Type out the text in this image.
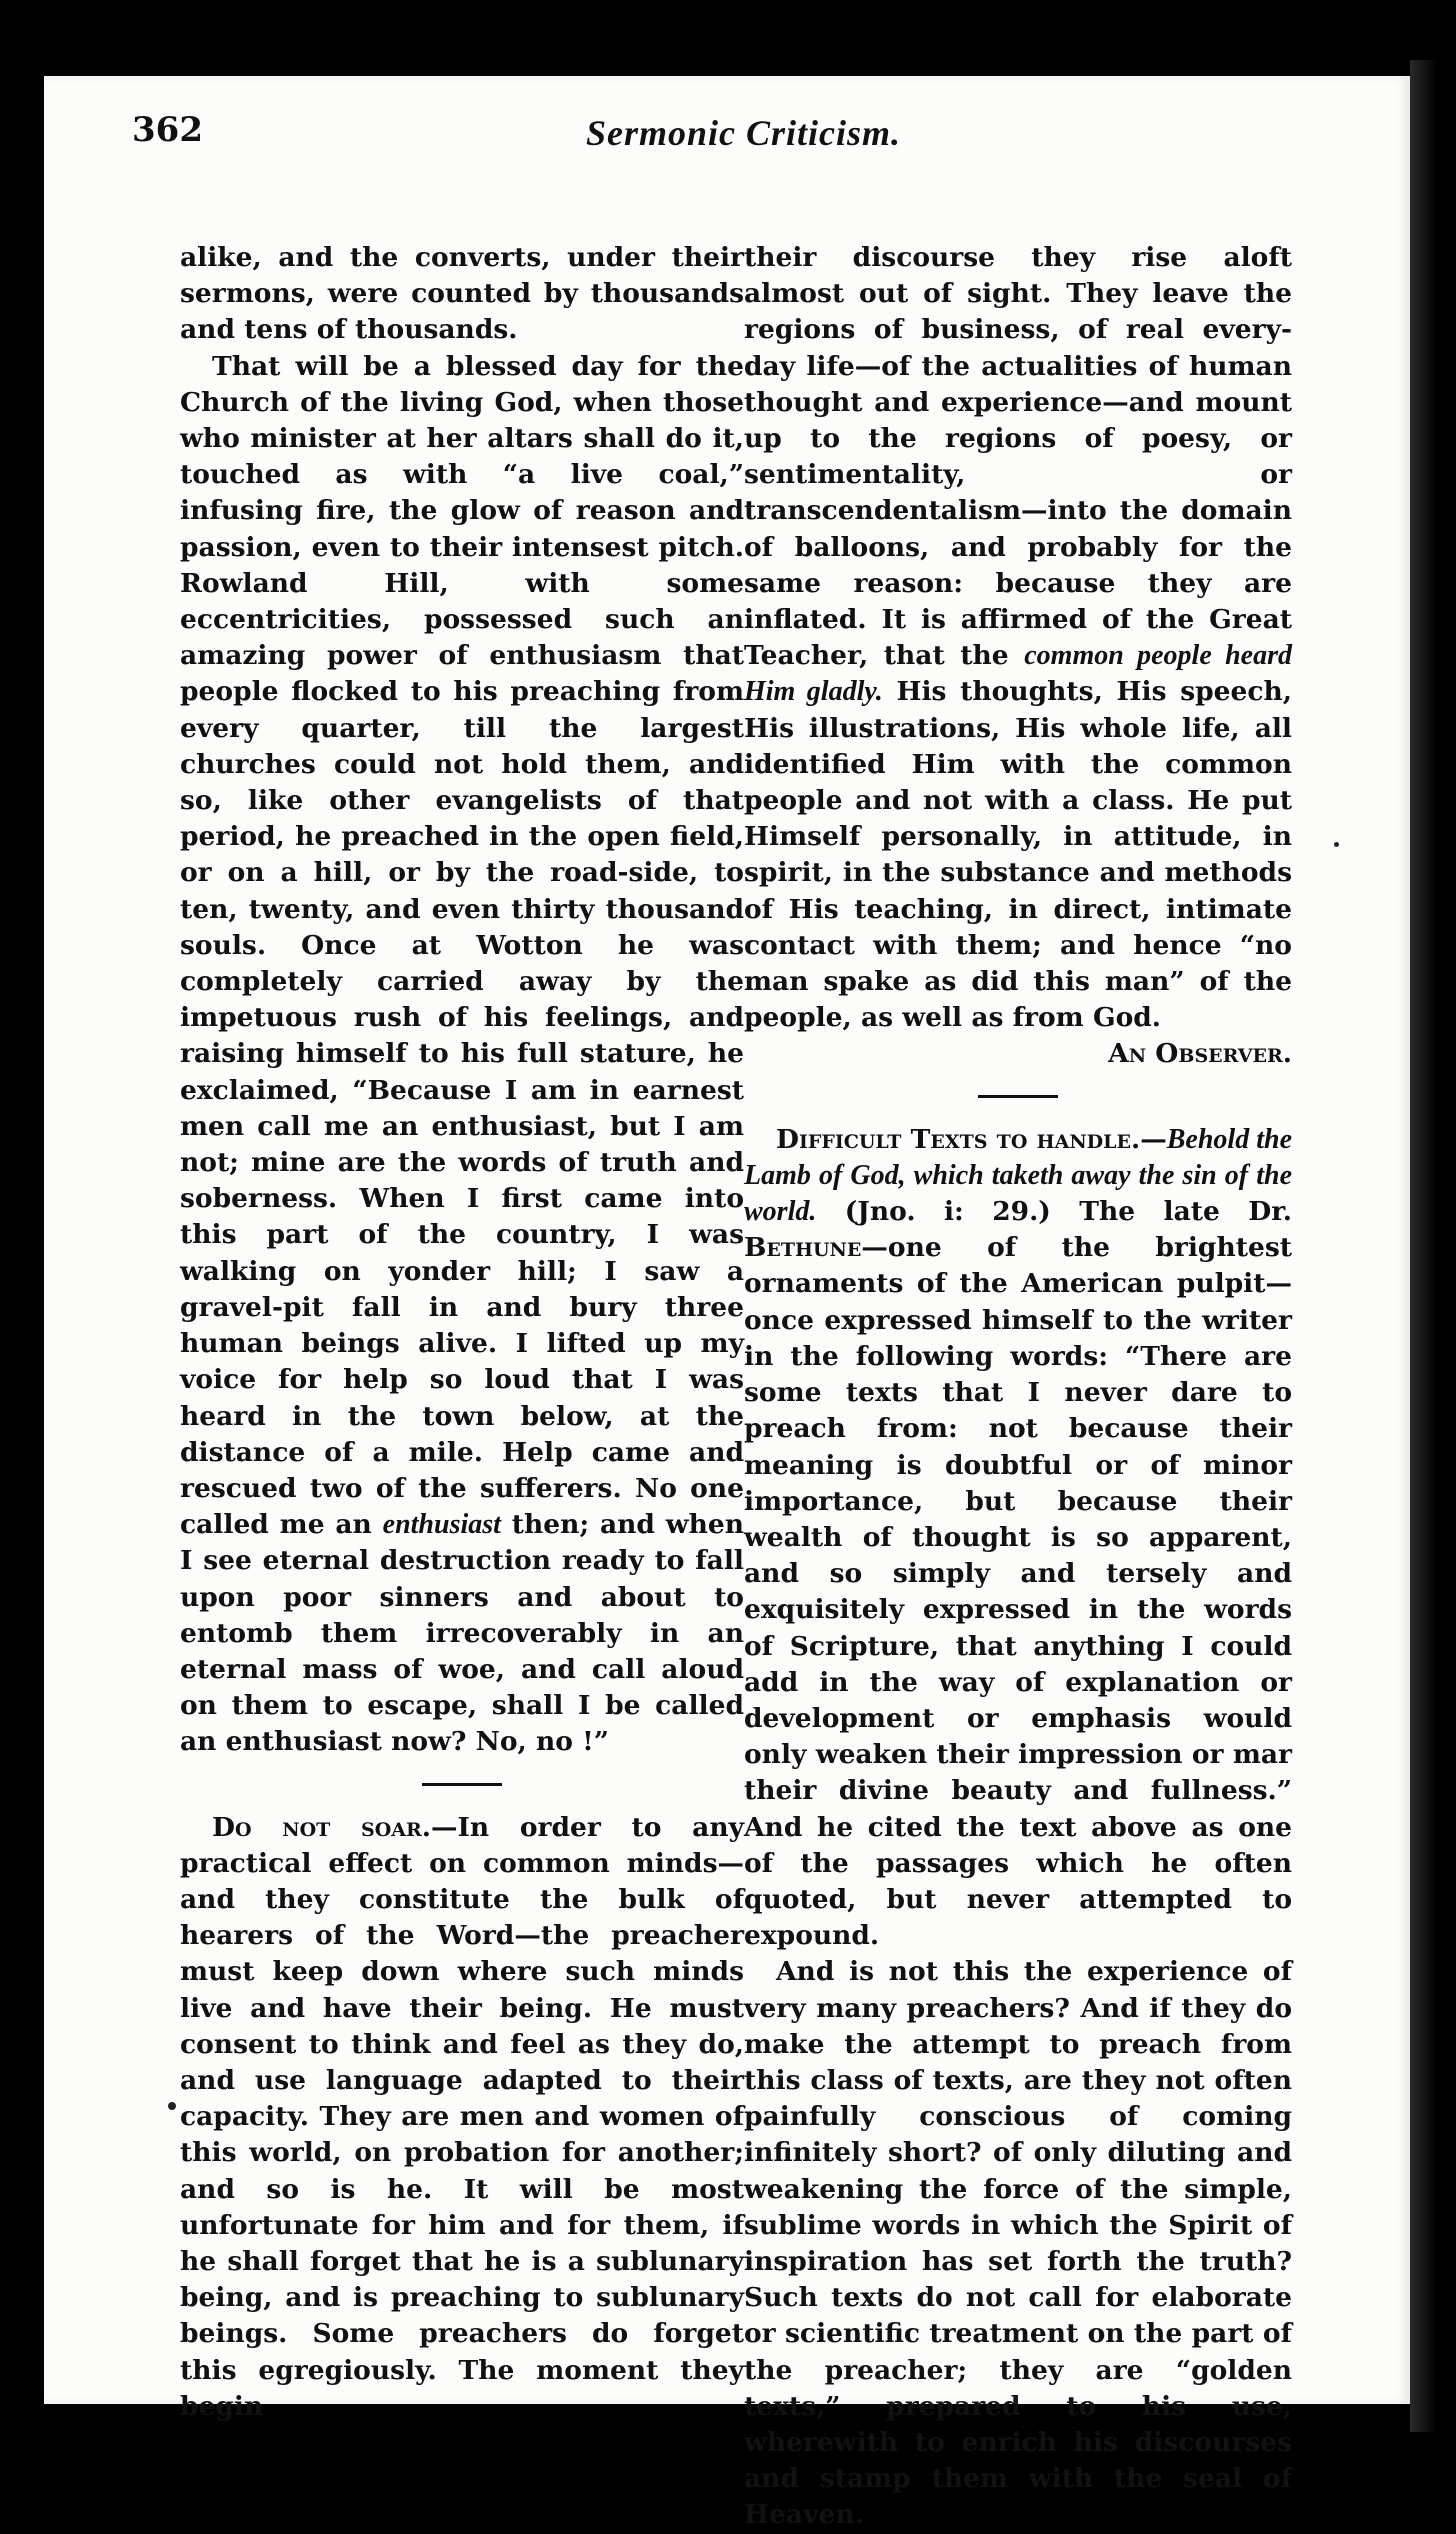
362	Sermonic Criticism.

alike, and the converts, under their sermons, were counted by thousands and tens of thousands.

That will be a blessed day for the Church of the living God, when those who minister at her altars shall do it, touched as with “a live coal,” infusing fire, the glow of reason and passion, even to their intensest pitch. Rowland Hill, with some eccentricities, possessed such an amazing power of enthusiasm that people flocked to his preaching from every quarter, till the largest churches could not hold them, and so, like other evangelists of that period, he preached in the open field, or on a hill, or by the road-side, to ten, twenty, and even thirty thousand souls. Once at Wotton he was completely carried away by the impetuous rush of his feelings, and raising himself to his full stature, he exclaimed, “Because I am in earnest men call me an enthusiast, but I am not; mine are the words of truth and soberness. When I first came into this part of the country, I was walking on yonder hill; I saw a gravel-pit fall in and bury three human beings alive. I lifted up my voice for help so loud that I was heard in the town below, at the distance of a mile. Help came and rescued two of the sufferers. No one called me an enthusiast then; and when I see eternal destruction ready to fall upon poor sinners and about to entomb them irrecoverably in an eternal mass of woe, and call aloud on them to escape, shall I be called an enthusiast now? No, no !”

Do not soar.—In order to any practical effect on common minds—and they constitute the bulk of hearers of the Word—the preacher must keep down where such minds live and have their being. He must consent to think and feel as they do, and use language adapted to their capacity. They are men and women of this world, on probation for another; and so is he. It will be most unfortunate for him and for them, if he shall forget that he is a sublunary being, and is preaching to sublunary beings. Some preachers do forget this egregiously. The moment they begin

their discourse they rise aloft almost out of sight. They leave the regions of business, of real every-day life—of the actualities of human thought and experience—and mount up to the regions of poesy, or sentimentality, or transcendentalism—into the domain of balloons, and probably for the same reason: because they are inflated. It is affirmed of the Great Teacher, that the common people heard Him gladly. His thoughts, His speech, His illustrations, His whole life, all identified Him with the common people and not with a class. He put Himself personally, in attitude, in spirit, in the substance and methods of His teaching, in direct, intimate contact with them; and hence “no man spake as did this man” of the people, as well as from God.
An Observer.

Difficult Texts to handle.—Behold the Lamb of God, which taketh away the sin of the world. (Jno. i: 29.) The late Dr. Bethune—one of the brightest ornaments of the American pulpit—once expressed himself to the writer in the following words: “There are some texts that I never dare to preach from: not because their meaning is doubtful or of minor importance, but because their wealth of thought is so apparent, and so simply and tersely and exquisitely expressed in the words of Scripture, that anything I could add in the way of explanation or development or emphasis would only weaken their impression or mar their divine beauty and fullness.” And he cited the text above as one of the passages which he often quoted, but never attempted to expound.

And is not this the experience of very many preachers? And if they do make the attempt to preach from this class of texts, are they not often painfully conscious of coming infinitely short? of only diluting and weakening the force of the simple, sublime words in which the Spirit of inspiration has set forth the truth? Such texts do not call for elaborate or scientific treatment on the part of the preacher; they are “golden texts,” prepared to his use, wherewith to enrich his discourses and stamp them with the seal of Heaven.
